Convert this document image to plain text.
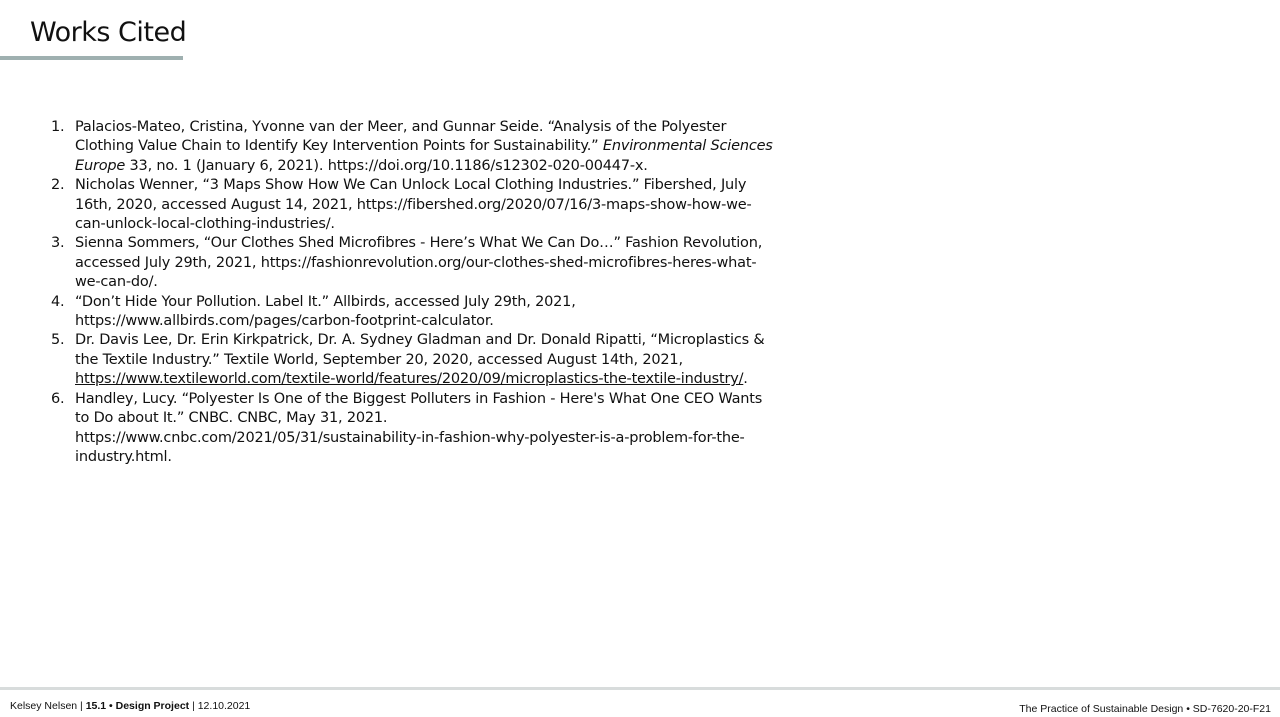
Works Cited
1. Palacios-Mateo, Cristina, Yvonne van der Meer, and Gunnar Seide. “Analysis of the Polyester Clothing Value Chain to Identify Key Intervention Points for Sustainability.” Environmental Sciences Europe 33, no. 1 (January 6, 2021). https://doi.org/10.1186/s12302-020-00447-x.
2. Nicholas Wenner, “3 Maps Show How We Can Unlock Local Clothing Industries.” Fibershed, July 16th, 2020, accessed August 14, 2021, https://fibershed.org/2020/07/16/3-maps-show-how-we-can-unlock-local-clothing-industries/.
3. Sienna Sommers, “Our Clothes Shed Microfibres - Here’s What We Can Do…” Fashion Revolution, accessed July 29th, 2021, https://fashionrevolution.org/our-clothes-shed-microfibres-heres-what-we-can-do/.
4. “Don’t Hide Your Pollution. Label It.” Allbirds, accessed July 29th, 2021,
https://www.allbirds.com/pages/carbon-footprint-calculator.
5. Dr. Davis Lee, Dr. Erin Kirkpatrick, Dr. A. Sydney Gladman and Dr. Donald Ripatti, “Microplastics & the Textile Industry.” Textile World, September 20, 2020, accessed August 14th, 2021,
https://www.textileworld.com/textile-world/features/2020/09/microplastics-the-textile-industry/.
6. Handley, Lucy. “Polyester Is One of the Biggest Polluters in Fashion - Here's What One CEO Wants to Do about It.” CNBC. CNBC, May 31, 2021.
https://www.cnbc.com/2021/05/31/sustainability-in-fashion-why-polyester-is-a-problem-for-the-industry.html.
Kelsey Nelsen | 15.1 • Design Project | 12.10.2021	The Practice of Sustainable Design • SD-7620-20-F21
